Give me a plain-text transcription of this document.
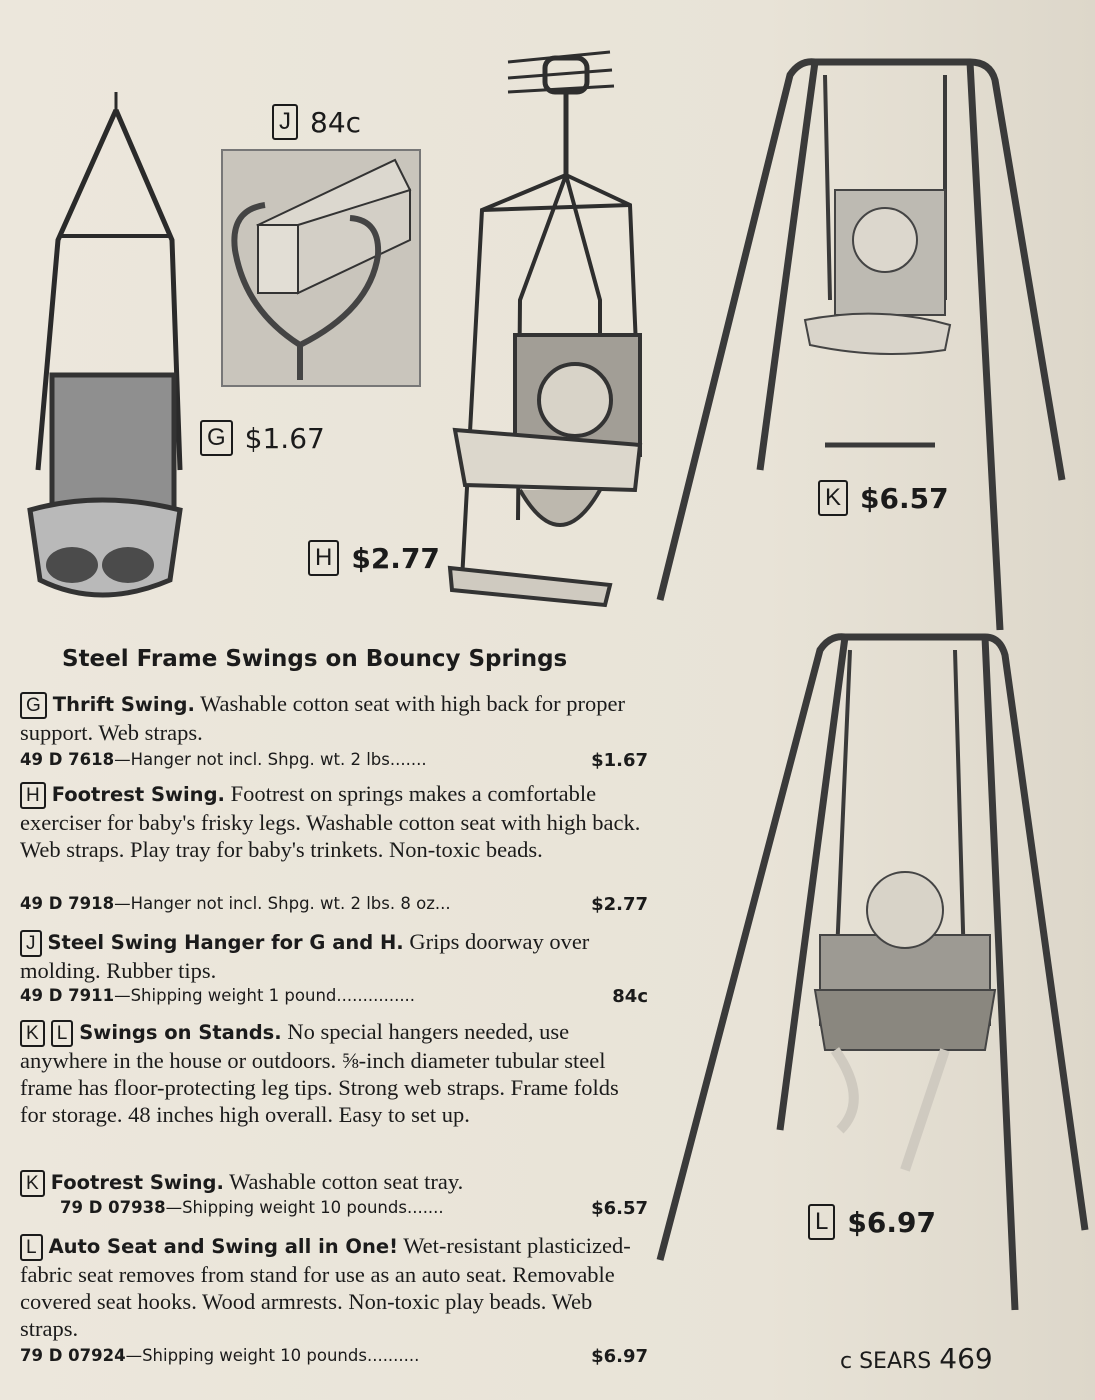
J 84c
G $1.67
H $2.77
K $6.57
L $6.97
Steel Frame Swings on Bouncy Springs
G Thrift Swing. Washable cotton seat with high back for proper support. Web straps.
49 D 7618—Hanger not incl. Shpg. wt. 2 lbs.......	$1.67
H Footrest Swing. Footrest on springs makes a comfortable exerciser for baby's frisky legs. Washable cotton seat with high back. Web straps. Play tray for baby's trinkets. Non-toxic beads.
49 D 7918—Hanger not incl. Shpg. wt. 2 lbs. 8 oz...	$2.77
J Steel Swing Hanger for G and H. Grips doorway over molding. Rubber tips.
49 D 7911—Shipping weight 1 pound...............	84c
K L Swings on Stands. No special hangers needed, use anywhere in the house or outdoors. ⅝-inch diameter tubular steel frame has floor-protecting leg tips. Strong web straps. Frame folds for storage. 48 inches high overall. Easy to set up.
K Footrest Swing. Washable cotton seat tray.
79 D 07938—Shipping weight 10 pounds.......	$6.57
L Auto Seat and Swing all in One! Wet-resistant plasticized-fabric seat removes from stand for use as an auto seat. Removable covered seat hooks. Wood armrests. Non-toxic play beads. Web straps.
79 D 07924—Shipping weight 10 pounds..........	$6.97	c SEARS 469
